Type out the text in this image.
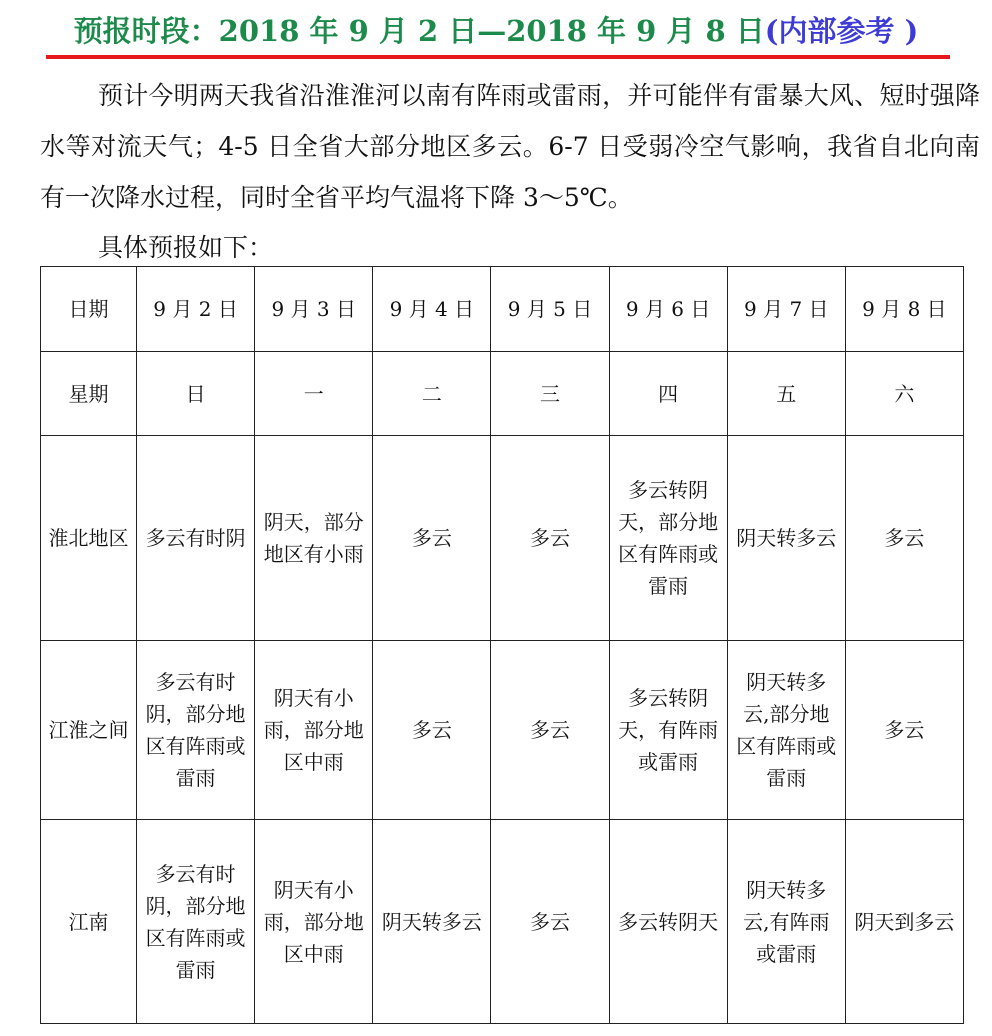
预报时段：2018 年 9 月 2 日—2018 年 9 月 8 日(内部参考 )

预计今明两天我省沿淮淮河以南有阵雨或雷雨，并可能伴有雷暴大风、短时强降水等对流天气；4-5 日全省大部分地区多云。6-7 日受弱冷空气影响，我省自北向南有一次降水过程，同时全省平均气温将下降 3～5℃。

具体预报如下：

日期	9 月 2 日	9 月 3 日	9 月 4 日	9 月 5 日	9 月 6 日	9 月 7 日	9 月 8 日
星期	日	一	二	三	四	五	六
淮北地区	多云有时阴	阴天，部分地区有小雨	多云	多云	多云转阴天，部分地区有阵雨或雷雨	阴天转多云	多云
江淮之间	多云有时阴，部分地区有阵雨或雷雨	阴天有小雨，部分地区中雨	多云	多云	多云转阴天，有阵雨或雷雨	阴天转多云,部分地区有阵雨或雷雨	多云
江南	多云有时阴，部分地区有阵雨或雷雨	阴天有小雨，部分地区中雨	阴天转多云	多云	多云转阴天	阴天转多云,有阵雨或雷雨	阴天到多云
